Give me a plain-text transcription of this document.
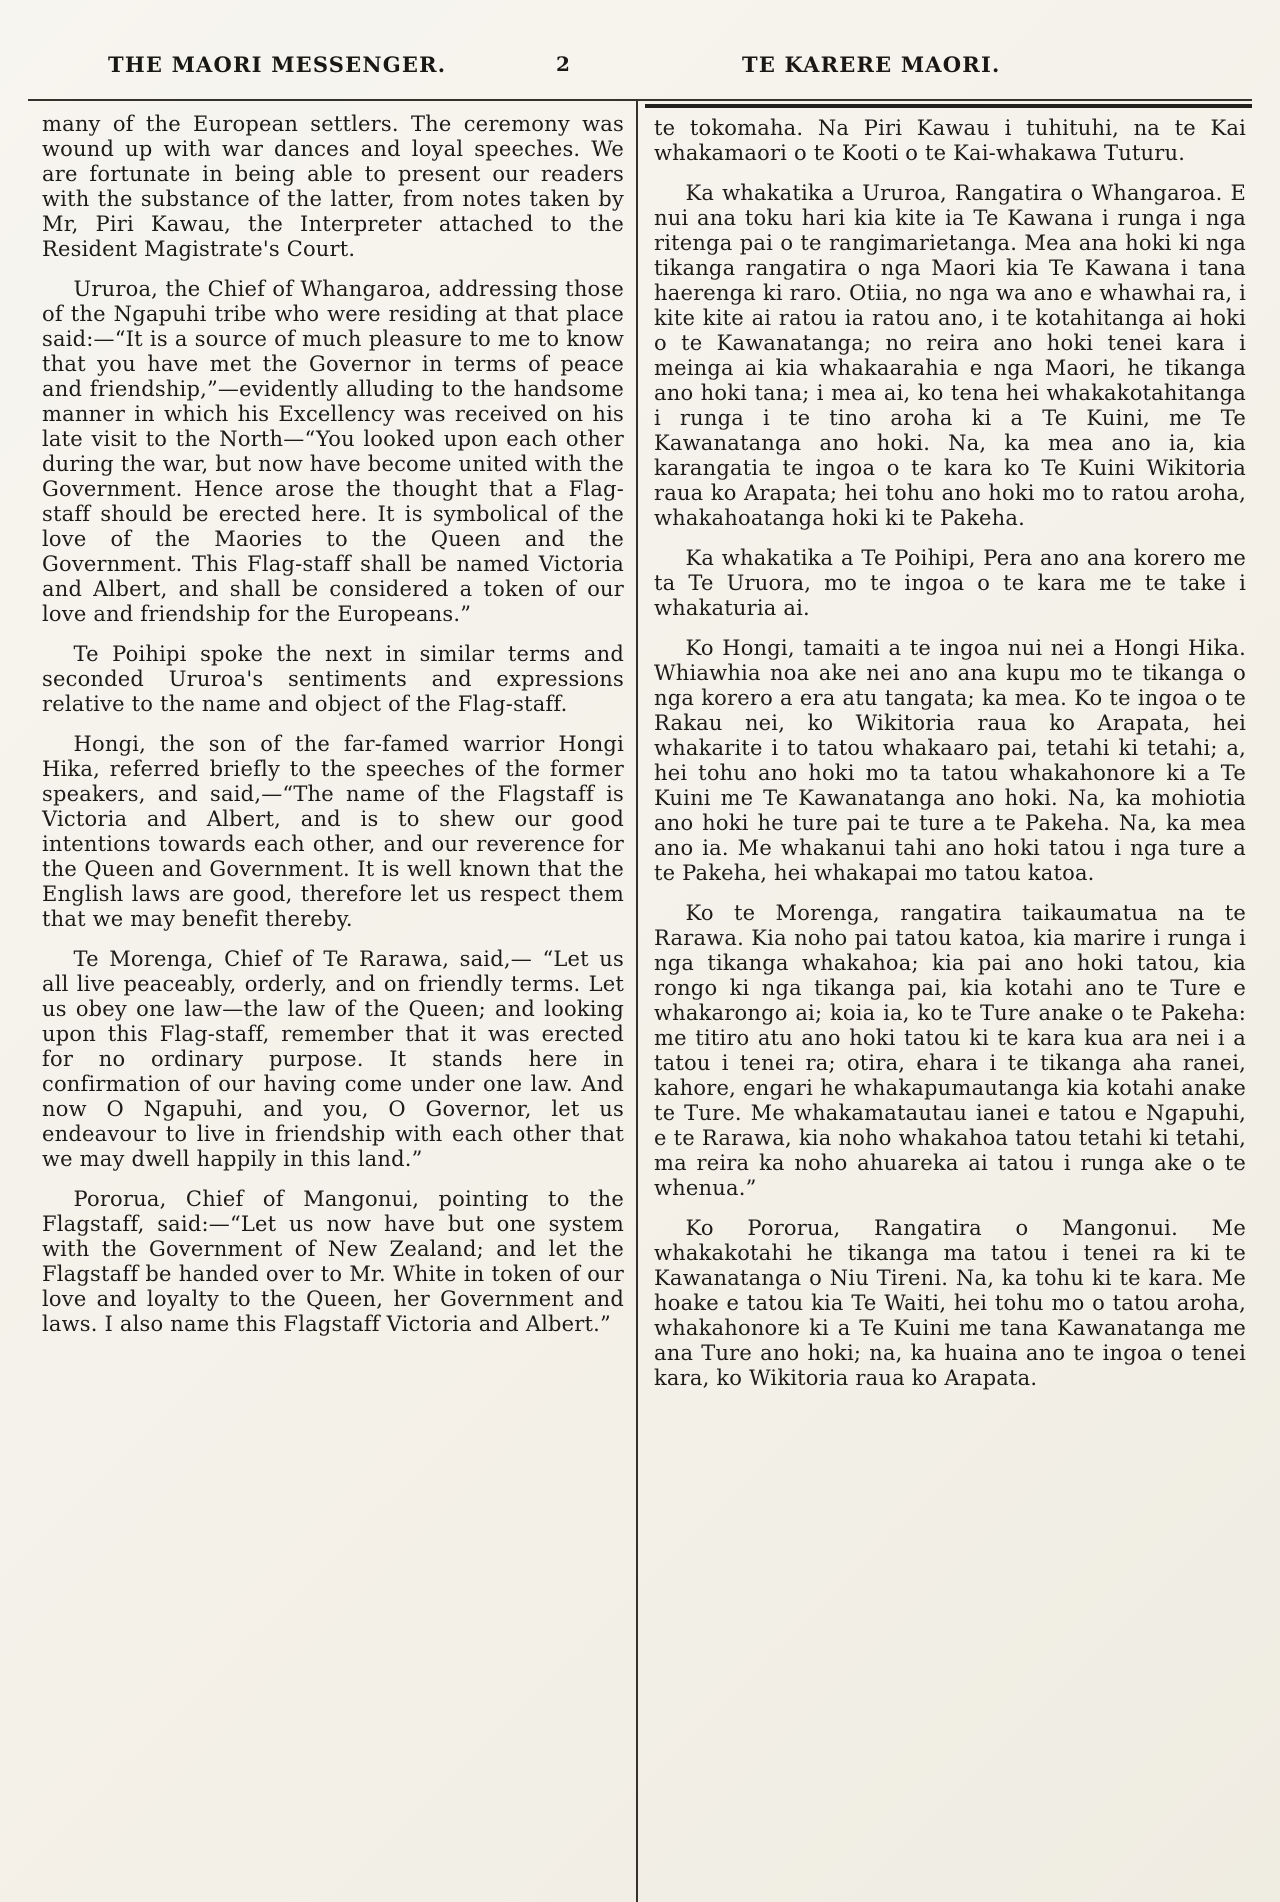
THE MAORI MESSENGER.	2	TE KARERE MAORI.

many of the European settlers. The ceremony was wound up with war dances and loyal speeches. We are fortunate in being able to present our readers with the substance of the latter, from notes taken by Mr, Piri Kawau, the Interpreter attached to the Resident Magistrate's Court.

Ururoa, the Chief of Whangaroa, addressing those of the Ngapuhi tribe who were residing at that place said:—“It is a source of much pleasure to me to know that you have met the Governor in terms of peace and friendship,”—evidently alluding to the handsome manner in which his Excellency was received on his late visit to the North—“You looked upon each other during the war, but now have become united with the Government. Hence arose the thought that a Flag-staff should be erected here. It is symbolical of the love of the Maories to the Queen and the Government. This Flag-staff shall be named Victoria and Albert, and shall be considered a token of our love and friendship for the Europeans.”

Te Poihipi spoke the next in similar terms and seconded Ururoa's sentiments and expressions relative to the name and object of the Flag-staff.

Hongi, the son of the far-famed warrior Hongi Hika, referred briefly to the speeches of the former speakers, and said,—“The name of the Flagstaff is Victoria and Albert, and is to shew our good intentions towards each other, and our reverence for the Queen and Government. It is well known that the English laws are good, therefore let us respect them that we may benefit thereby.

Te Morenga, Chief of Te Rarawa, said,— “Let us all live peaceably, orderly, and on friendly terms. Let us obey one law—the law of the Queen; and looking upon this Flag-staff, remember that it was erected for no ordinary purpose. It stands here in confirmation of our having come under one law. And now O Ngapuhi, and you, O Governor, let us endeavour to live in friendship with each other that we may dwell happily in this land.”

Pororua, Chief of Mangonui, pointing to the Flagstaff, said:—“Let us now have but one system with the Government of New Zealand; and let the Flagstaff be handed over to Mr. White in token of our love and loyalty to the Queen, her Government and laws. I also name this Flagstaff Victoria and Albert.”

te tokomaha. Na Piri Kawau i tuhituhi, na te Kai whakamaori o te Kooti o te Kai-whakawa Tuturu.

Ka whakatika a Ururoa, Rangatira o Whangaroa. E nui ana toku hari kia kite ia Te Kawana i runga i nga ritenga pai o te rangimarietanga. Mea ana hoki ki nga tikanga rangatira o nga Maori kia Te Kawana i tana haerenga ki raro. Otiia, no nga wa ano e whawhai ra, i kite kite ai ratou ia ratou ano, i te kotahitanga ai hoki o te Kawanatanga; no reira ano hoki tenei kara i meinga ai kia whakaarahia e nga Maori, he tikanga ano hoki tana; i mea ai, ko tena hei whakakotahitanga i runga i te tino aroha ki a Te Kuini, me Te Kawanatanga ano hoki. Na, ka mea ano ia, kia karangatia te ingoa o te kara ko Te Kuini Wikitoria raua ko Arapata; hei tohu ano hoki mo to ratou aroha, whakahoatanga hoki ki te Pakeha.

Ka whakatika a Te Poihipi, Pera ano ana korero me ta Te Uruora, mo te ingoa o te kara me te take i whakaturia ai.

Ko Hongi, tamaiti a te ingoa nui nei a Hongi Hika. Whiawhia noa ake nei ano ana kupu mo te tikanga o nga korero a era atu tangata; ka mea. Ko te ingoa o te Rakau nei, ko Wikitoria raua ko Arapata, hei whakarite i to tatou whakaaro pai, tetahi ki tetahi; a, hei tohu ano hoki mo ta tatou whakahonore ki a Te Kuini me Te Kawanatanga ano hoki. Na, ka mohiotia ano hoki he ture pai te ture a te Pakeha. Na, ka mea ano ia. Me whakanui tahi ano hoki tatou i nga ture a te Pakeha, hei whakapai mo tatou katoa.

Ko te Morenga, rangatira taikaumatua na te Rarawa. Kia noho pai tatou katoa, kia marire i runga i nga tikanga whakahoa; kia pai ano hoki tatou, kia rongo ki nga tikanga pai, kia kotahi ano te Ture e whakarongo ai; koia ia, ko te Ture anake o te Pakeha: me titiro atu ano hoki tatou ki te kara kua ara nei i a tatou i tenei ra; otira, ehara i te tikanga aha ranei, kahore, engari he whakapumautanga kia kotahi anake te Ture. Me whakamatautau ianei e tatou e Ngapuhi, e te Rarawa, kia noho whakahoa tatou tetahi ki tetahi, ma reira ka noho ahuareka ai tatou i runga ake o te whenua.”

Ko Pororua, Rangatira o Mangonui. Me whakakotahi he tikanga ma tatou i tenei ra ki te Kawanatanga o Niu Tireni. Na, ka tohu ki te kara. Me hoake e tatou kia Te Waiti, hei tohu mo o tatou aroha, whakahonore ki a Te Kuini me tana Kawanatanga me ana Ture ano hoki; na, ka huaina ano te ingoa o tenei kara, ko Wikitoria raua ko Arapata.
